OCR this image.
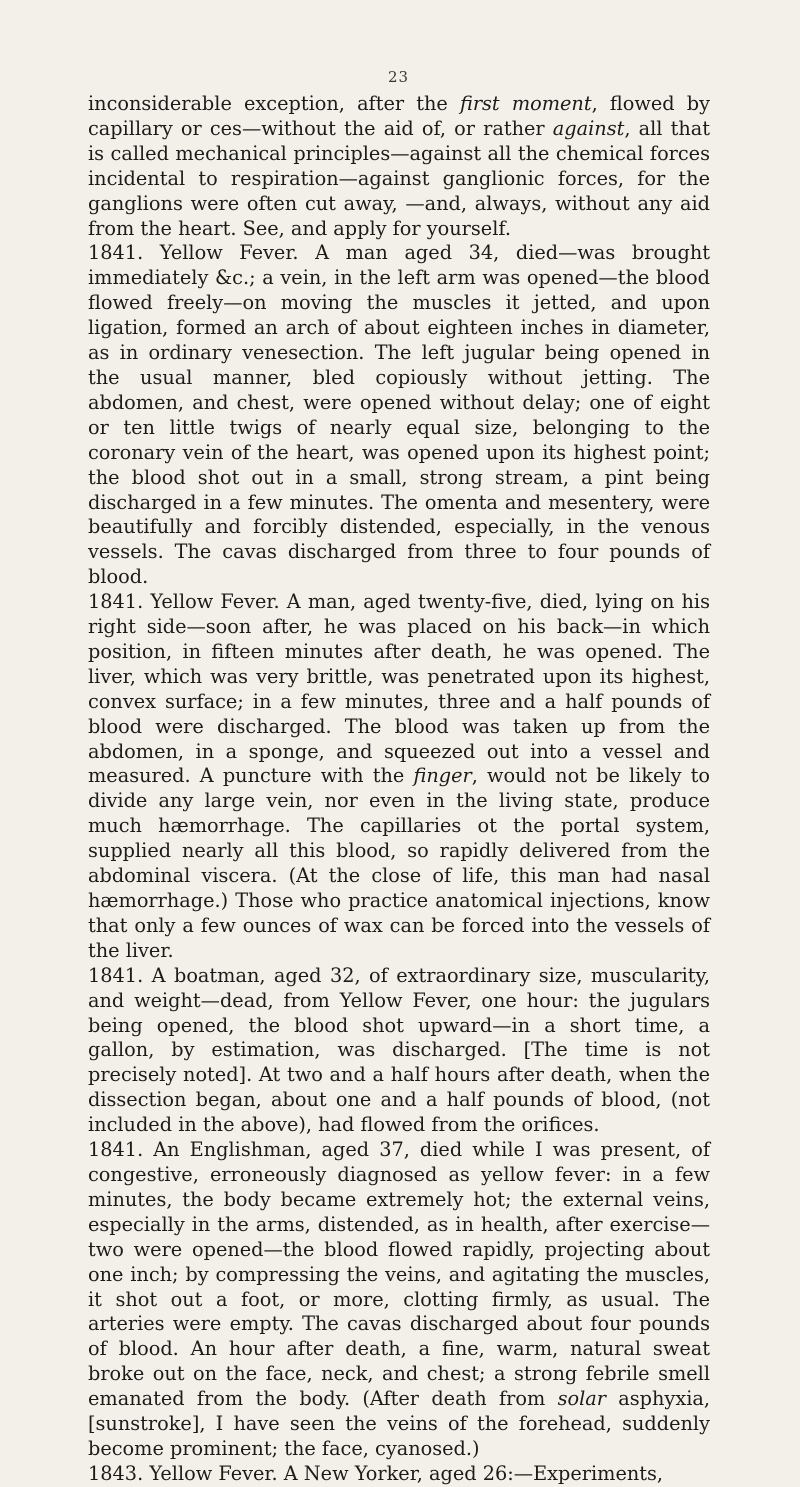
23

inconsiderable exception, after the first moment, flowed by capillary or ces—without the aid of, or rather against, all that is called mechanical principles—against all the chemical forces incidental to respiration—against ganglionic forces, for the ganglions were often cut away, —and, always, without any aid from the heart. See, and apply for yourself.

1841. Yellow Fever. A man aged 34, died—was brought immediately &c.; a vein, in the left arm was opened—the blood flowed freely—on moving the muscles it jetted, and upon ligation, formed an arch of about eighteen inches in diameter, as in ordinary venesection. The left jugular being opened in the usual manner, bled copiously without jetting. The abdomen, and chest, were opened without delay; one of eight or ten little twigs of nearly equal size, belonging to the coronary vein of the heart, was opened upon its highest point; the blood shot out in a small, strong stream, a pint being discharged in a few minutes. The omenta and mesentery, were beautifully and forcibly distended, especially, in the venous vessels. The cavas discharged from three to four pounds of blood.

1841. Yellow Fever. A man, aged twenty-five, died, lying on his right side—soon after, he was placed on his back—in which position, in fifteen minutes after death, he was opened. The liver, which was very brittle, was penetrated upon its highest, convex surface; in a few minutes, three and a half pounds of blood were discharged. The blood was taken up from the abdomen, in a sponge, and squeezed out into a vessel and measured. A puncture with the finger, would not be likely to divide any large vein, nor even in the living state, produce much hæmorrhage. The capillaries ot the portal system, supplied nearly all this blood, so rapidly delivered from the abdominal viscera. (At the close of life, this man had nasal hæmorrhage.) Those who practice anatomical injections, know that only a few ounces of wax can be forced into the vessels of the liver.

1841. A boatman, aged 32, of extraordinary size, muscularity, and weight—dead, from Yellow Fever, one hour: the jugulars being opened, the blood shot upward—in a short time, a gallon, by estimation, was discharged. [The time is not precisely noted]. At two and a half hours after death, when the dissection began, about one and a half pounds of blood, (not included in the above), had flowed from the orifices.

1841. An Englishman, aged 37, died while I was present, of congestive, erroneously diagnosed as yellow fever: in a few minutes, the body became extremely hot; the external veins, especially in the arms, distended, as in health, after exercise—two were opened—the blood flowed rapidly, projecting about one inch; by compressing the veins, and agitating the muscles, it shot out a foot, or more, clotting firmly, as usual. The arteries were empty. The cavas discharged about four pounds of blood. An hour after death, a fine, warm, natural sweat broke out on the face, neck, and chest; a strong febrile smell emanated from the body. (After death from solar asphyxia, [sunstroke], I have seen the veins of the forehead, suddenly become prominent; the face, cyanosed.)

1843. Yellow Fever. A New Yorker, aged 26:—Experiments,
